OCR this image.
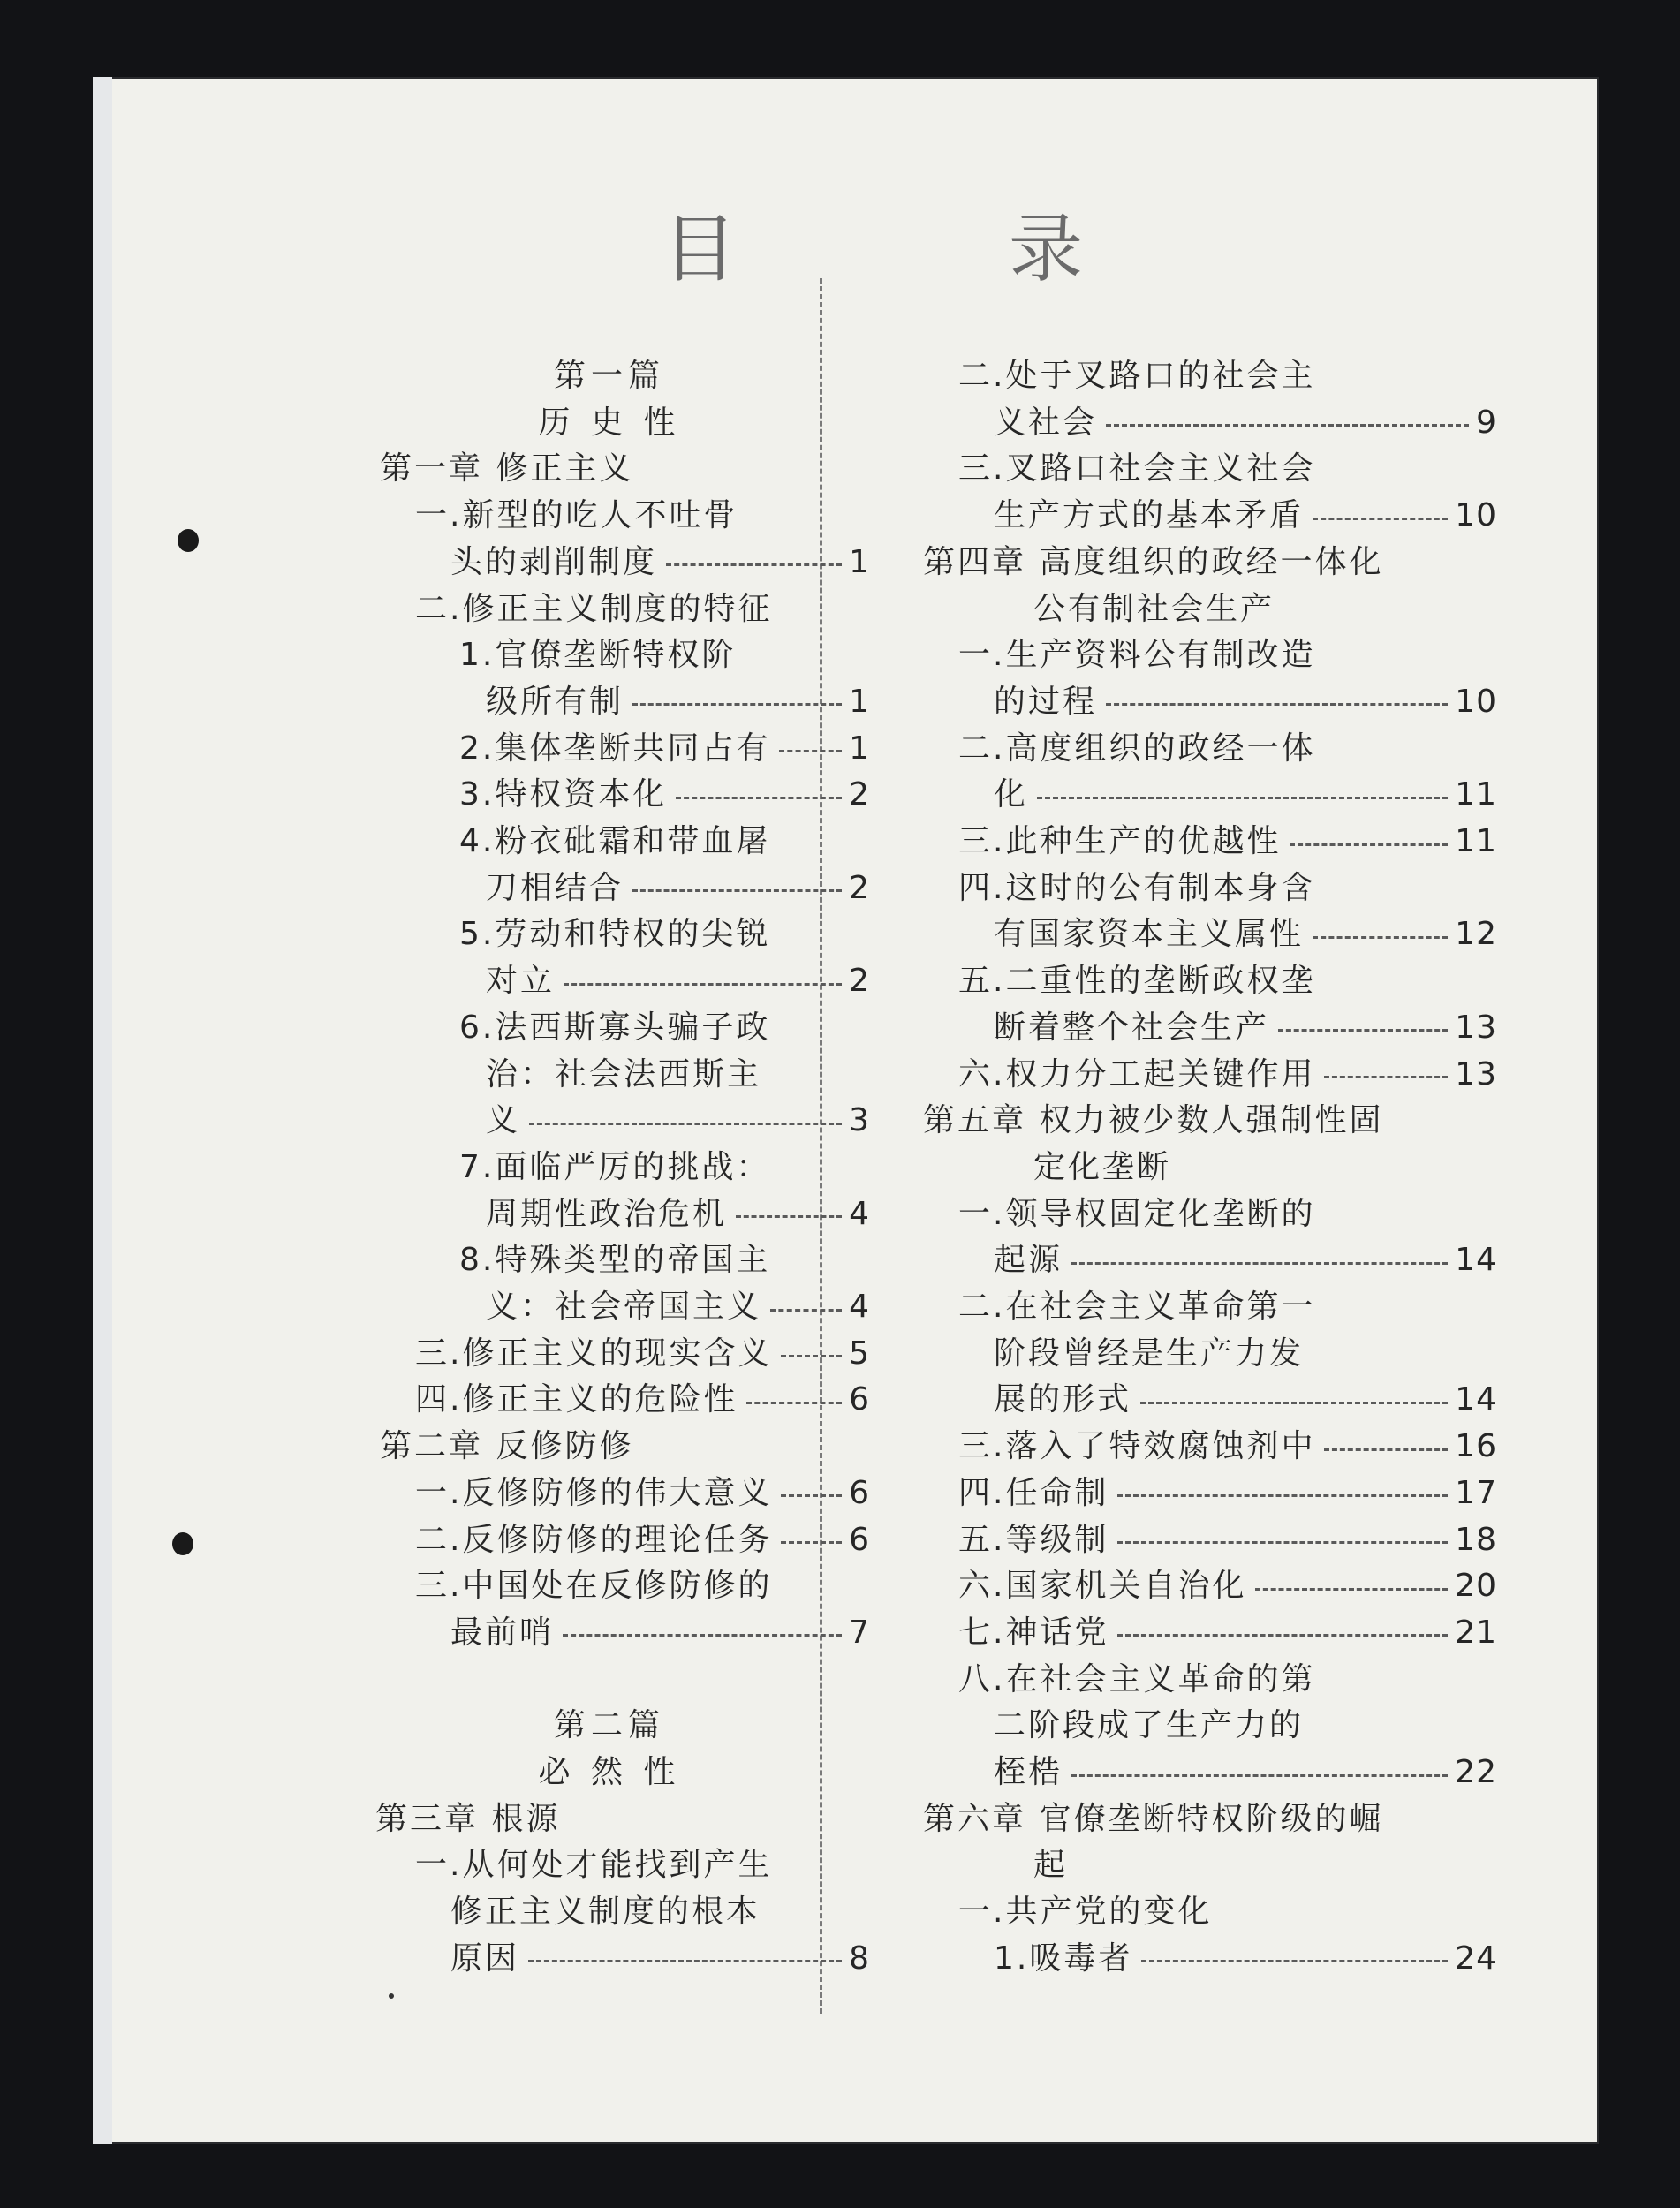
目	录
第一篇
历 史 性
第一章 修正主义
一.新型的吃人不吐骨
头的剥削制度	1
二.修正主义制度的特征
1.官僚垄断特权阶
级所有制	1
2.集体垄断共同占有 1
3.特权资本化	2
4.粉衣砒霜和带血屠
刀相结合	2
5.劳动和特权的尖锐
对立	2
6.法西斯寡头骗子政
治：社会法西斯主
义	3
7.面临严厉的挑战：
周期性政治危机	4
8.特殊类型的帝国主
义：社会帝国主义	4
三.修正主义的现实含义 5
四.修正主义的危险性	6
第二章 反修防修
一.反修防修的伟大意义 6
二.反修防修的理论任务 6
三.中国处在反修防修的
最前哨	7
第二篇
必 然 性
第三章 根源
一.从何处才能找到产生
修正主义制度的根本
原因	8
二.处于叉路口的社会主
义社会	9
三.叉路口社会主义社会
生产方式的基本矛盾	10
第四章 高度组织的政经一体化
公有制社会生产
一.生产资料公有制改造
的过程	10
二.高度组织的政经一体
化	11
三.此种生产的优越性	11
四.这时的公有制本身含
有国家资本主义属性	12
五.二重性的垄断政权垄
断着整个社会生产	13
六.权力分工起关键作用	13
第五章 权力被少数人强制性固
定化垄断
一.领导权固定化垄断的
起源	14
二.在社会主义革命第一
阶段曾经是生产力发
展的形式	14
三.落入了特效腐蚀剂中	16
四.任命制	17
五.等级制	18
六.国家机关自治化	20
七.神话党	21
八.在社会主义革命的第
二阶段成了生产力的
桎梏	22
第六章 官僚垄断特权阶级的崛
起
一.共产党的变化
1.吸毒者	24
